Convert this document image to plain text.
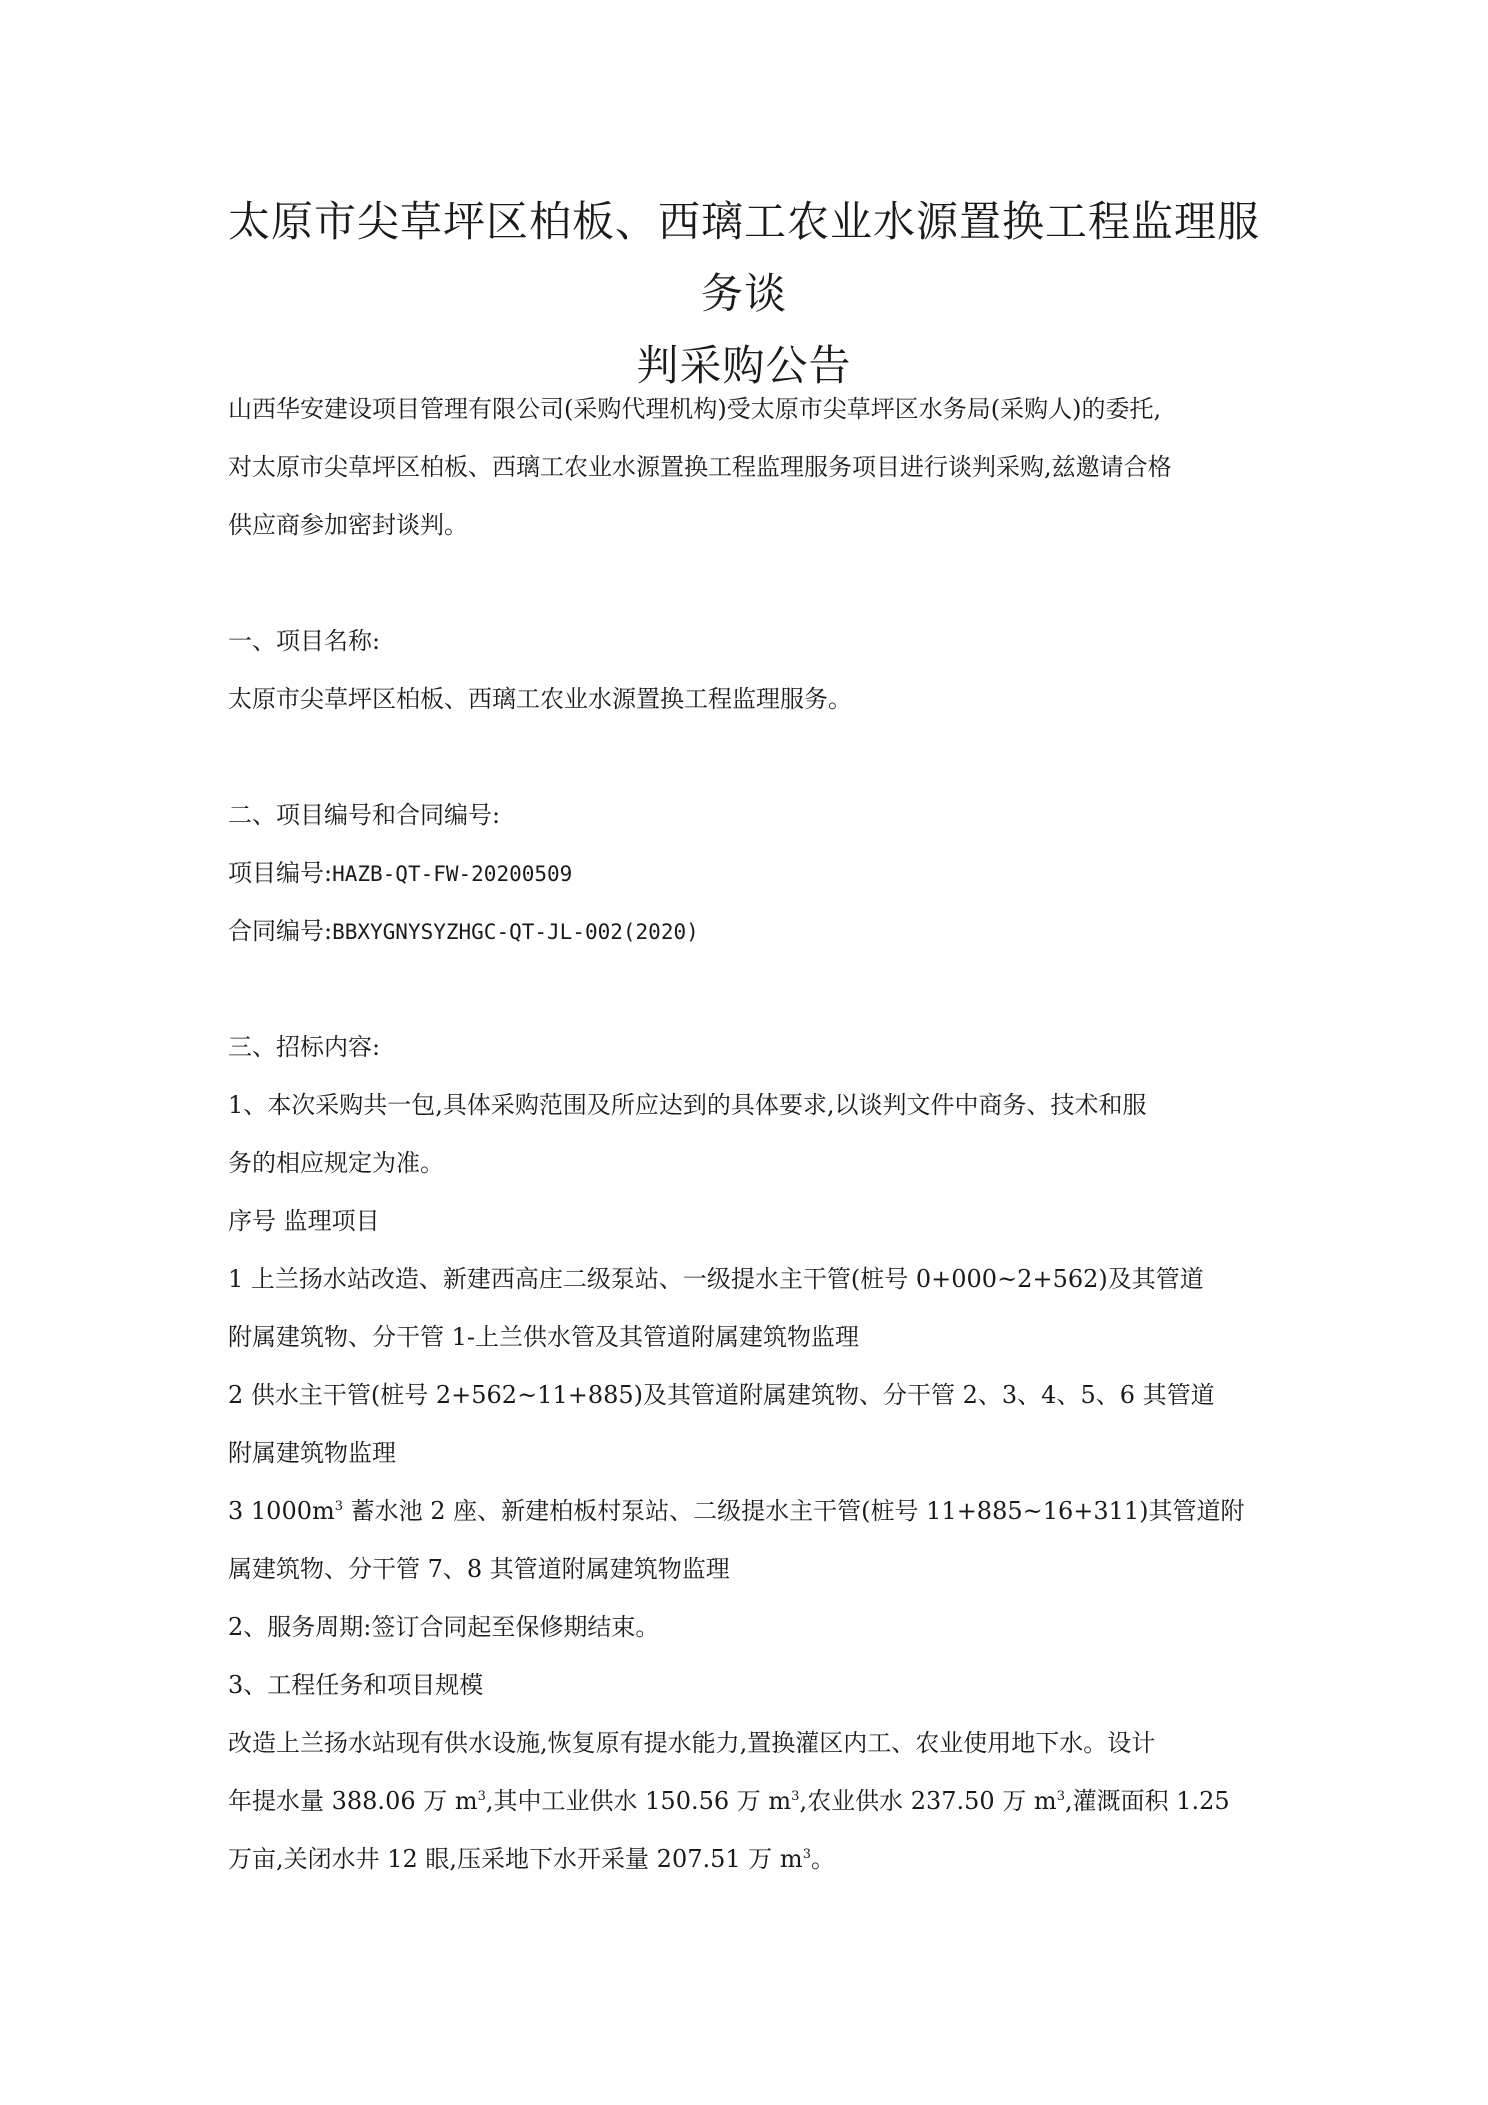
太原市尖草坪区柏板、西璃工农业水源置换工程监理服务谈
判采购公告

山西华安建设项目管理有限公司(采购代理机构)受太原市尖草坪区水务局(采购人)的委托,

对太原市尖草坪区柏板、西璃工农业水源置换工程监理服务项目进行谈判采购,兹邀请合格

供应商参加密封谈判。

一、项目名称:

太原市尖草坪区柏板、西璃工农业水源置换工程监理服务。

二、项目编号和合同编号:

项目编号:HAZB-QT-FW-20200509

合同编号:BBXYGNYSYZHGC-QT-JL-002(2020)

三、招标内容:

1、本次采购共一包,具体采购范围及所应达到的具体要求,以谈判文件中商务、技术和服

务的相应规定为准。

序号 监理项目

1 上兰扬水站改造、新建西高庄二级泵站、一级提水主干管(桩号 0+000~2+562)及其管道

附属建筑物、分干管 1-上兰供水管及其管道附属建筑物监理

2 供水主干管(桩号 2+562~11+885)及其管道附属建筑物、分干管 2、3、4、5、6 其管道

附属建筑物监理

3 $1000m^3$ 蓄水池 2 座、新建柏板村泵站、二级提水主干管(桩号 11+885~16+311)其管道附

属建筑物、分干管 7、8 其管道附属建筑物监理

2、服务周期:签订合同起至保修期结束。

3、工程任务和项目规模

改造上兰扬水站现有供水设施,恢复原有提水能力,置换灌区内工、农业使用地下水。设计

年提水量 388.06 万 $m^3$,其中工业供水 150.56 万 $m^3$,农业供水 237.50 万 $m^3$,灌溉面积 1.25

万亩,关闭水井 12 眼,压采地下水开采量 207.51 万 $m^3$。
